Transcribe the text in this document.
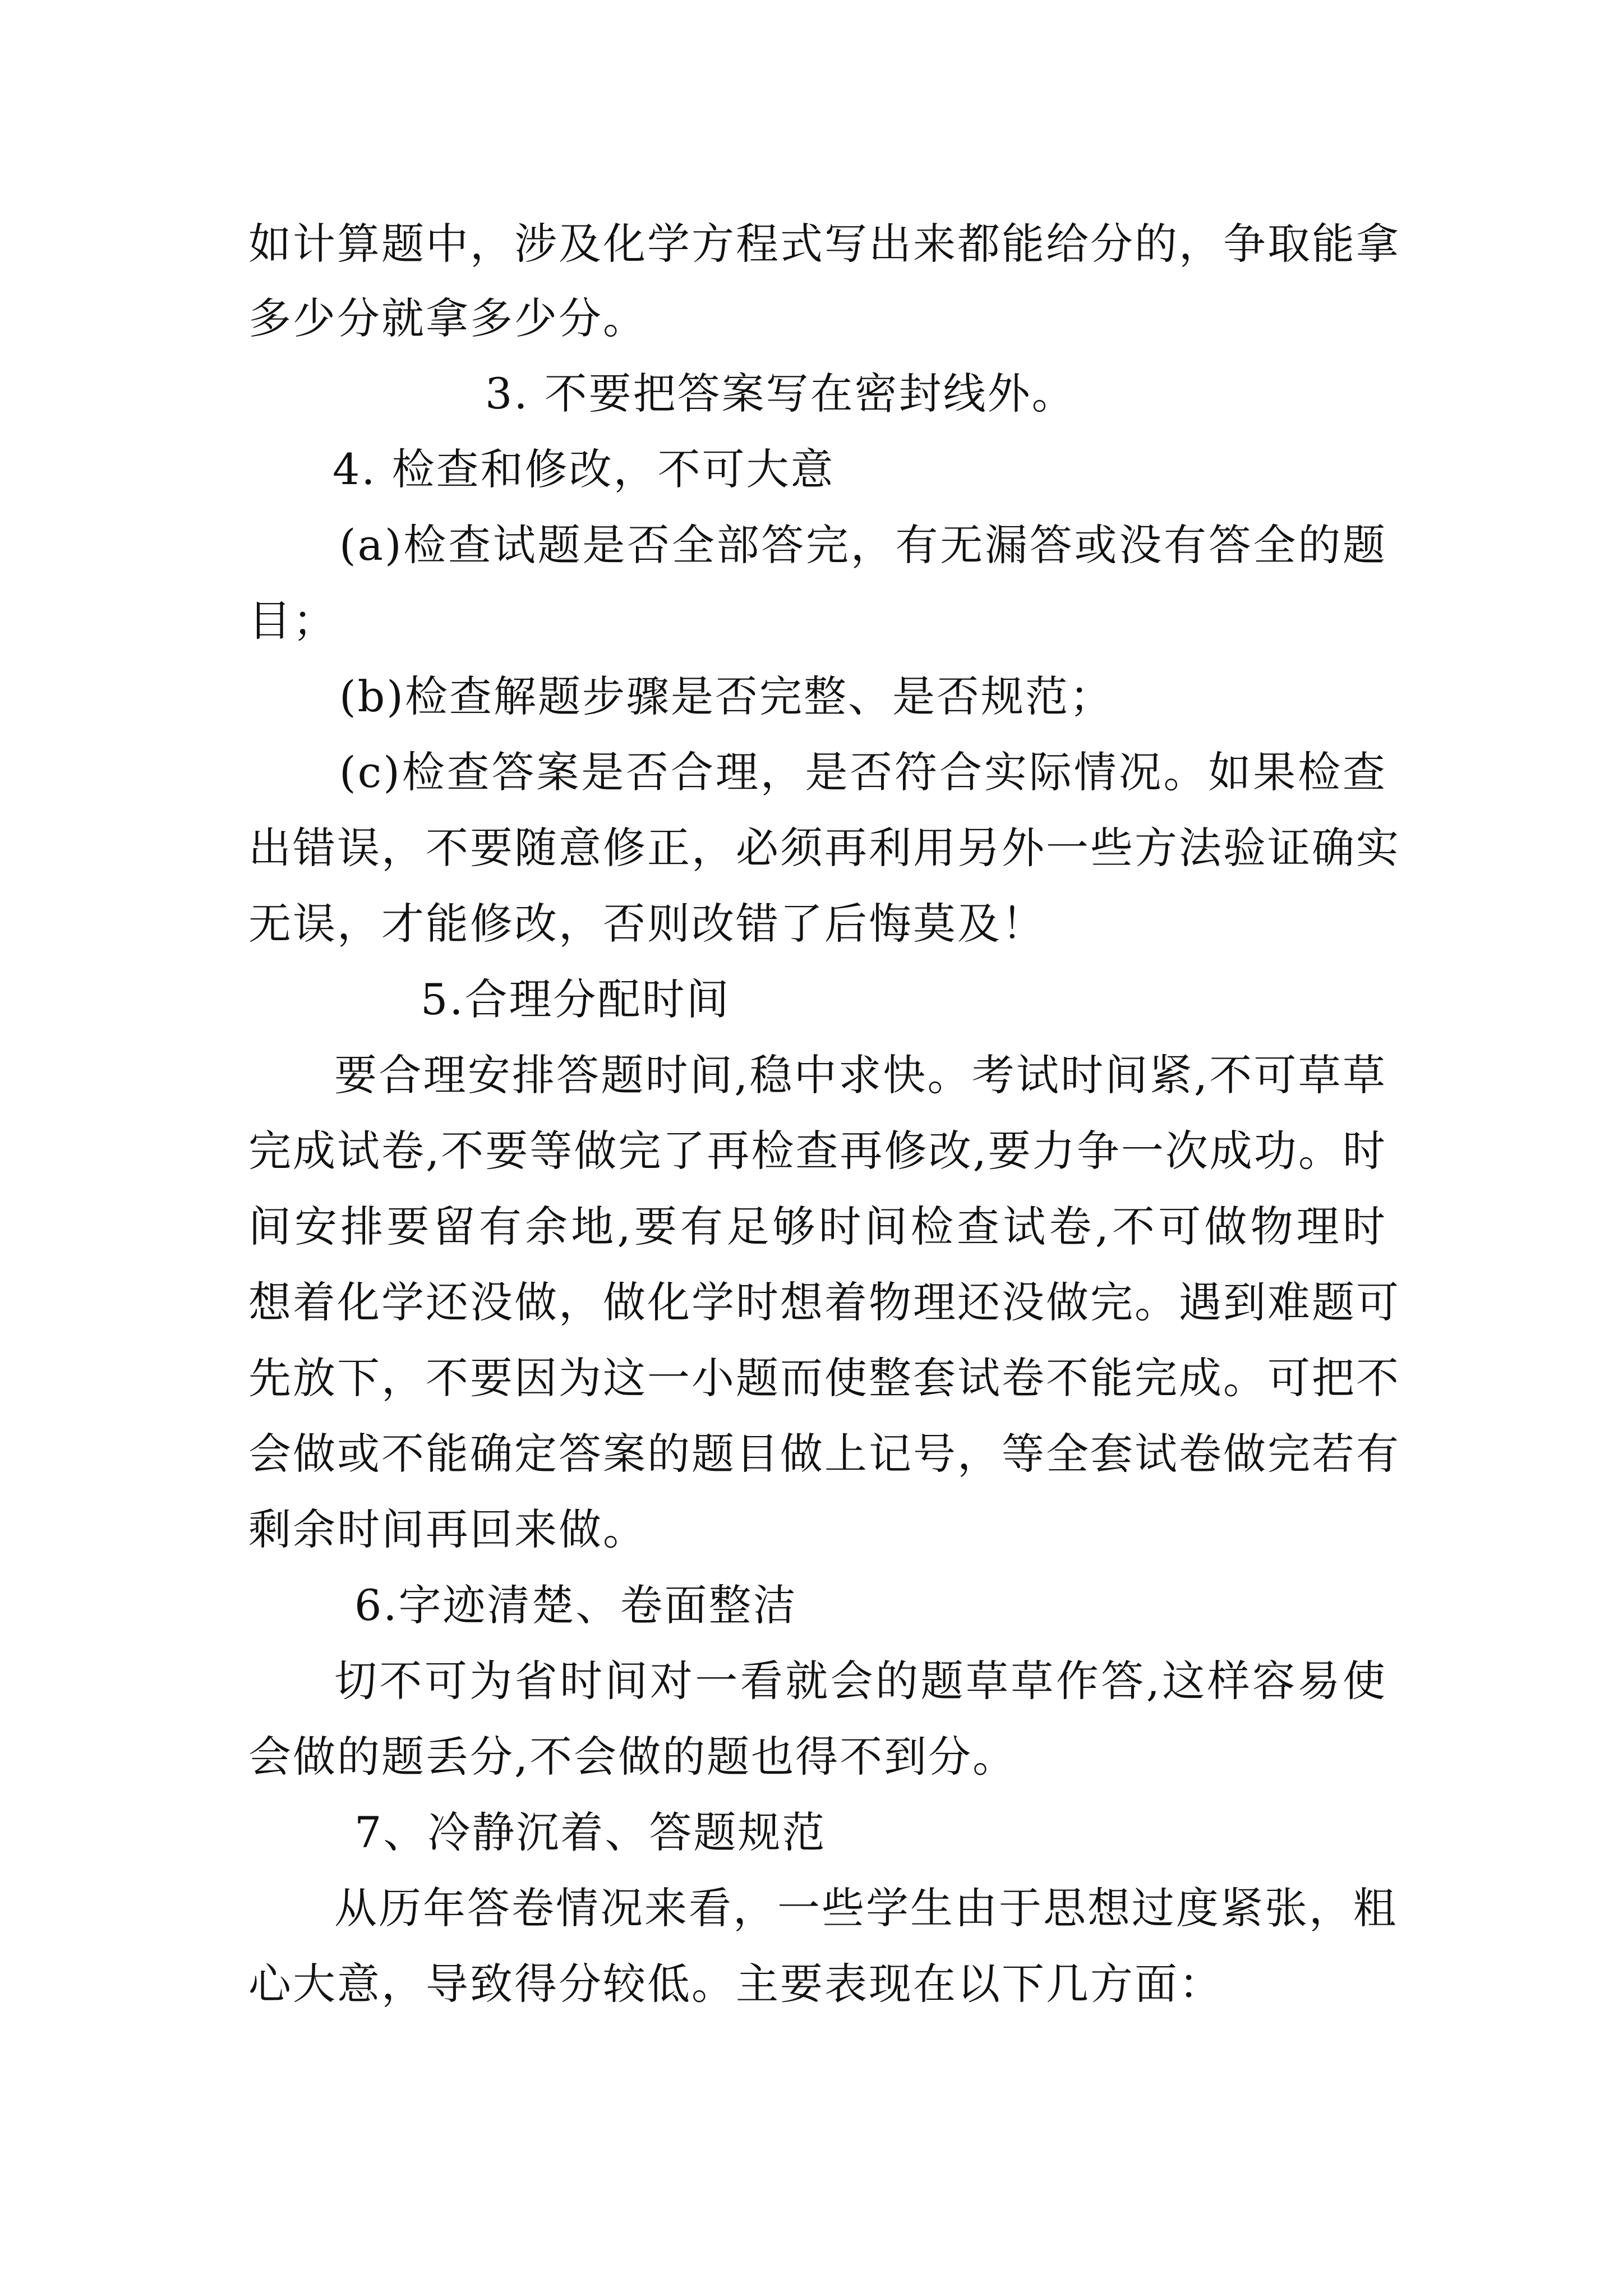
如计算题中，涉及化学方程式写出来都能给分的，争取能拿
多少分就拿多少分。
3. 不要把答案写在密封线外。
4. 检查和修改，不可大意
(a)检查试题是否全部答完，有无漏答或没有答全的题
目；
(b)检查解题步骤是否完整、是否规范；
(c)检查答案是否合理，是否符合实际情况。如果检查
出错误，不要随意修正，必须再利用另外一些方法验证确实
无误，才能修改，否则改错了后悔莫及！
5.合理分配时间
要合理安排答题时间,稳中求快。考试时间紧,不可草草
完成试卷,不要等做完了再检查再修改,要力争一次成功。时
间安排要留有余地,要有足够时间检查试卷,不可做物理时
想着化学还没做，做化学时想着物理还没做完。遇到难题可
先放下，不要因为这一小题而使整套试卷不能完成。可把不
会做或不能确定答案的题目做上记号，等全套试卷做完若有
剩余时间再回来做。
6.字迹清楚、卷面整洁
切不可为省时间对一看就会的题草草作答,这样容易使
会做的题丢分,不会做的题也得不到分。
7、冷静沉着、答题规范
从历年答卷情况来看，一些学生由于思想过度紧张，粗
心大意，导致得分较低。主要表现在以下几方面：
